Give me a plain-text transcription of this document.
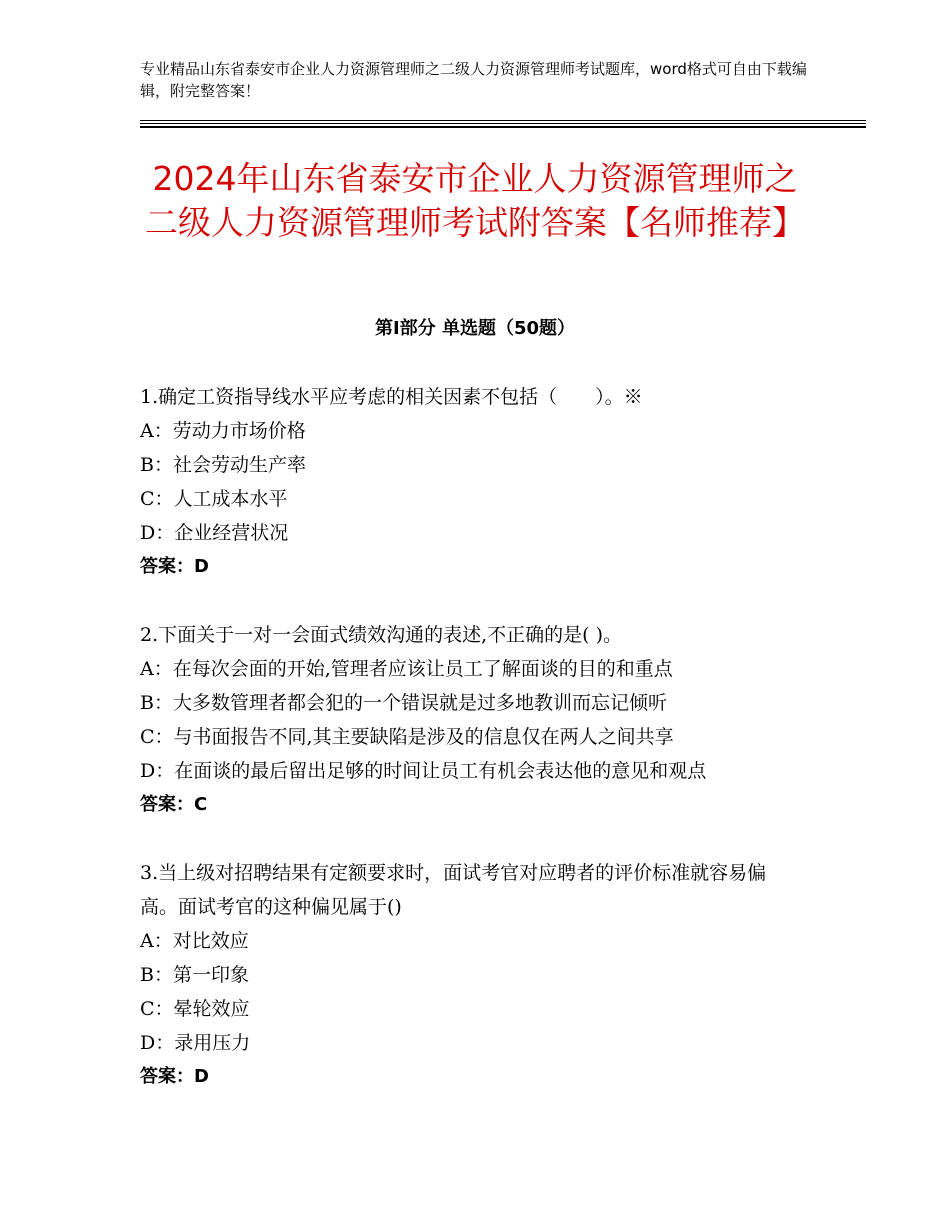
专业精品山东省泰安市企业人力资源管理师之二级人力资源管理师考试题库，word格式可自由下载编辑，附完整答案！
2024年山东省泰安市企业人力资源管理师之二级人力资源管理师考试附答案【名师推荐】
第Ⅰ部分 单选题（50题）
1.确定工资指导线水平应考虑的相关因素不包括（　　）。※
A：劳动力市场价格
B：社会劳动生产率
C：人工成本水平
D：企业经营状况
答案：D
2.下面关于一对一会面式绩效沟通的表述,不正确的是( )。
A：在每次会面的开始,管理者应该让员工了解面谈的目的和重点
B：大多数管理者都会犯的一个错误就是过多地教训而忘记倾听
C：与书面报告不同,其主要缺陷是涉及的信息仅在两人之间共享
D：在面谈的最后留出足够的时间让员工有机会表达他的意见和观点
答案：C
3.当上级对招聘结果有定额要求时，面试考官对应聘者的评价标准就容易偏高。面试考官的这种偏见属于()
A：对比效应
B：第一印象
C：晕轮效应
D：录用压力
答案：D
